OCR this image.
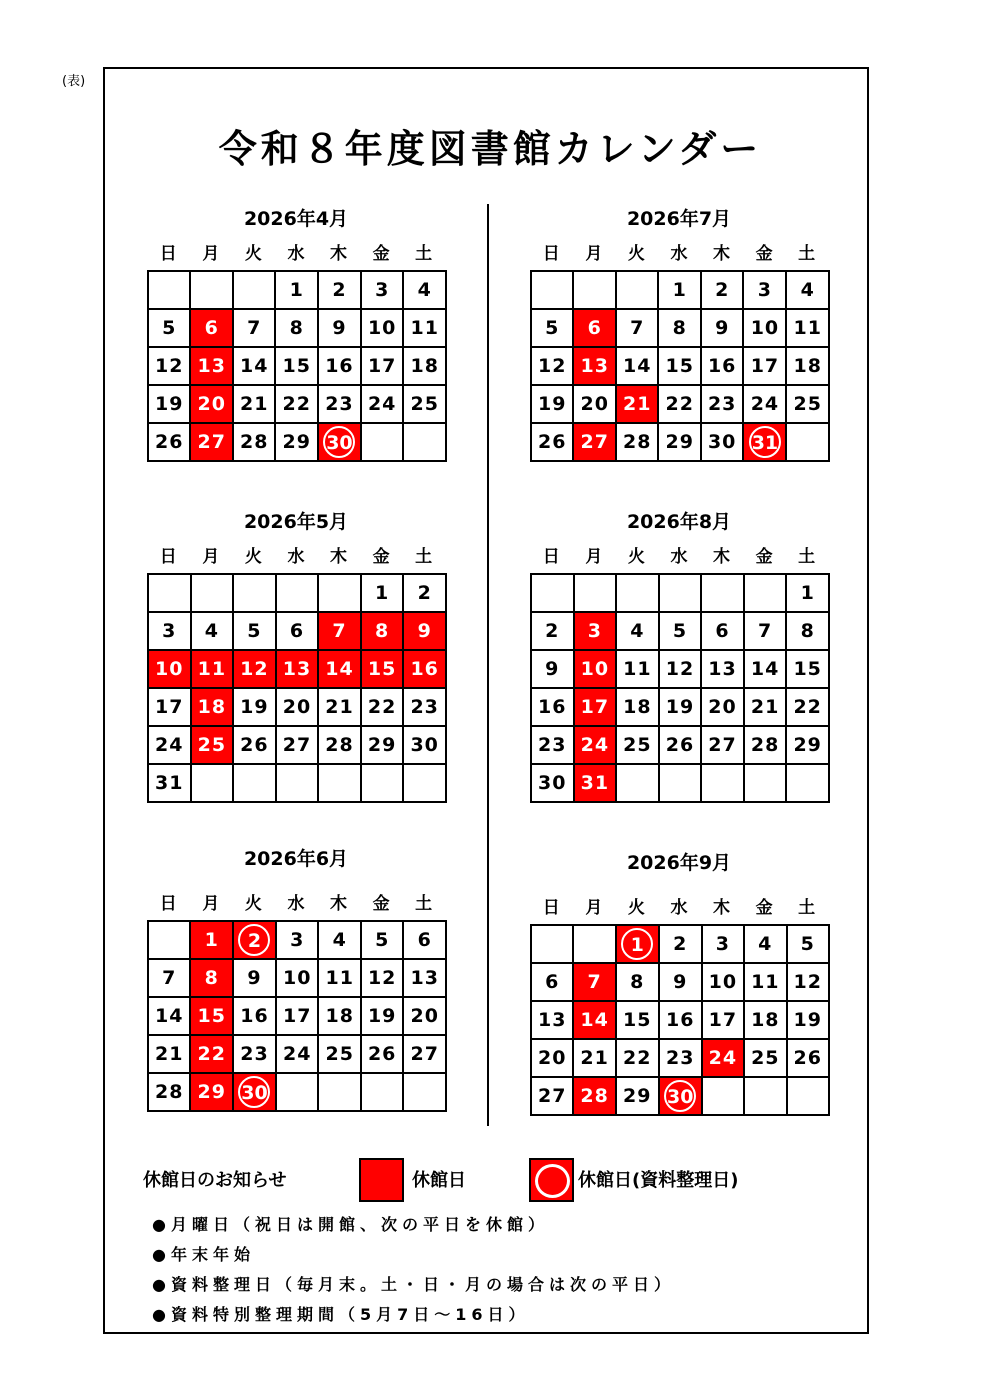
(表)
令和８年度図書館カレンダー
2026年4月
日	月	火	水	木	金	土
			1	2	3	4
5	6	7	8	9	10	11
12	13	14	15	16	17	18
19	20	21	22	23	24	25
26	27	28	29	30		
2026年5月
日	月	火	水	木	金	土
					1	2
3	4	5	6	7	8	9
10	11	12	13	14	15	16
17	18	19	20	21	22	23
24	25	26	27	28	29	30
31						
2026年6月
日	月	火	水	木	金	土
	1	2	3	4	5	6
7	8	9	10	11	12	13
14	15	16	17	18	19	20
21	22	23	24	25	26	27
28	29	30				
2026年7月
日	月	火	水	木	金	土
			1	2	3	4
5	6	7	8	9	10	11
12	13	14	15	16	17	18
19	20	21	22	23	24	25
26	27	28	29	30	31	
2026年8月
日	月	火	水	木	金	土
						1
2	3	4	5	6	7	8
9	10	11	12	13	14	15
16	17	18	19	20	21	22
23	24	25	26	27	28	29
30	31					
2026年9月
日	月	火	水	木	金	土
		1	2	3	4	5
6	7	8	9	10	11	12
13	14	15	16	17	18	19
20	21	22	23	24	25	26
27	28	29	30			
休館日のお知らせ	休館日	休館日(資料整理日)
●月曜日（祝日は開館、次の平日を休館）
●年末年始
●資料整理日（毎月末。土・日・月の場合は次の平日）
●資料特別整理期間（5月7日～16日）
